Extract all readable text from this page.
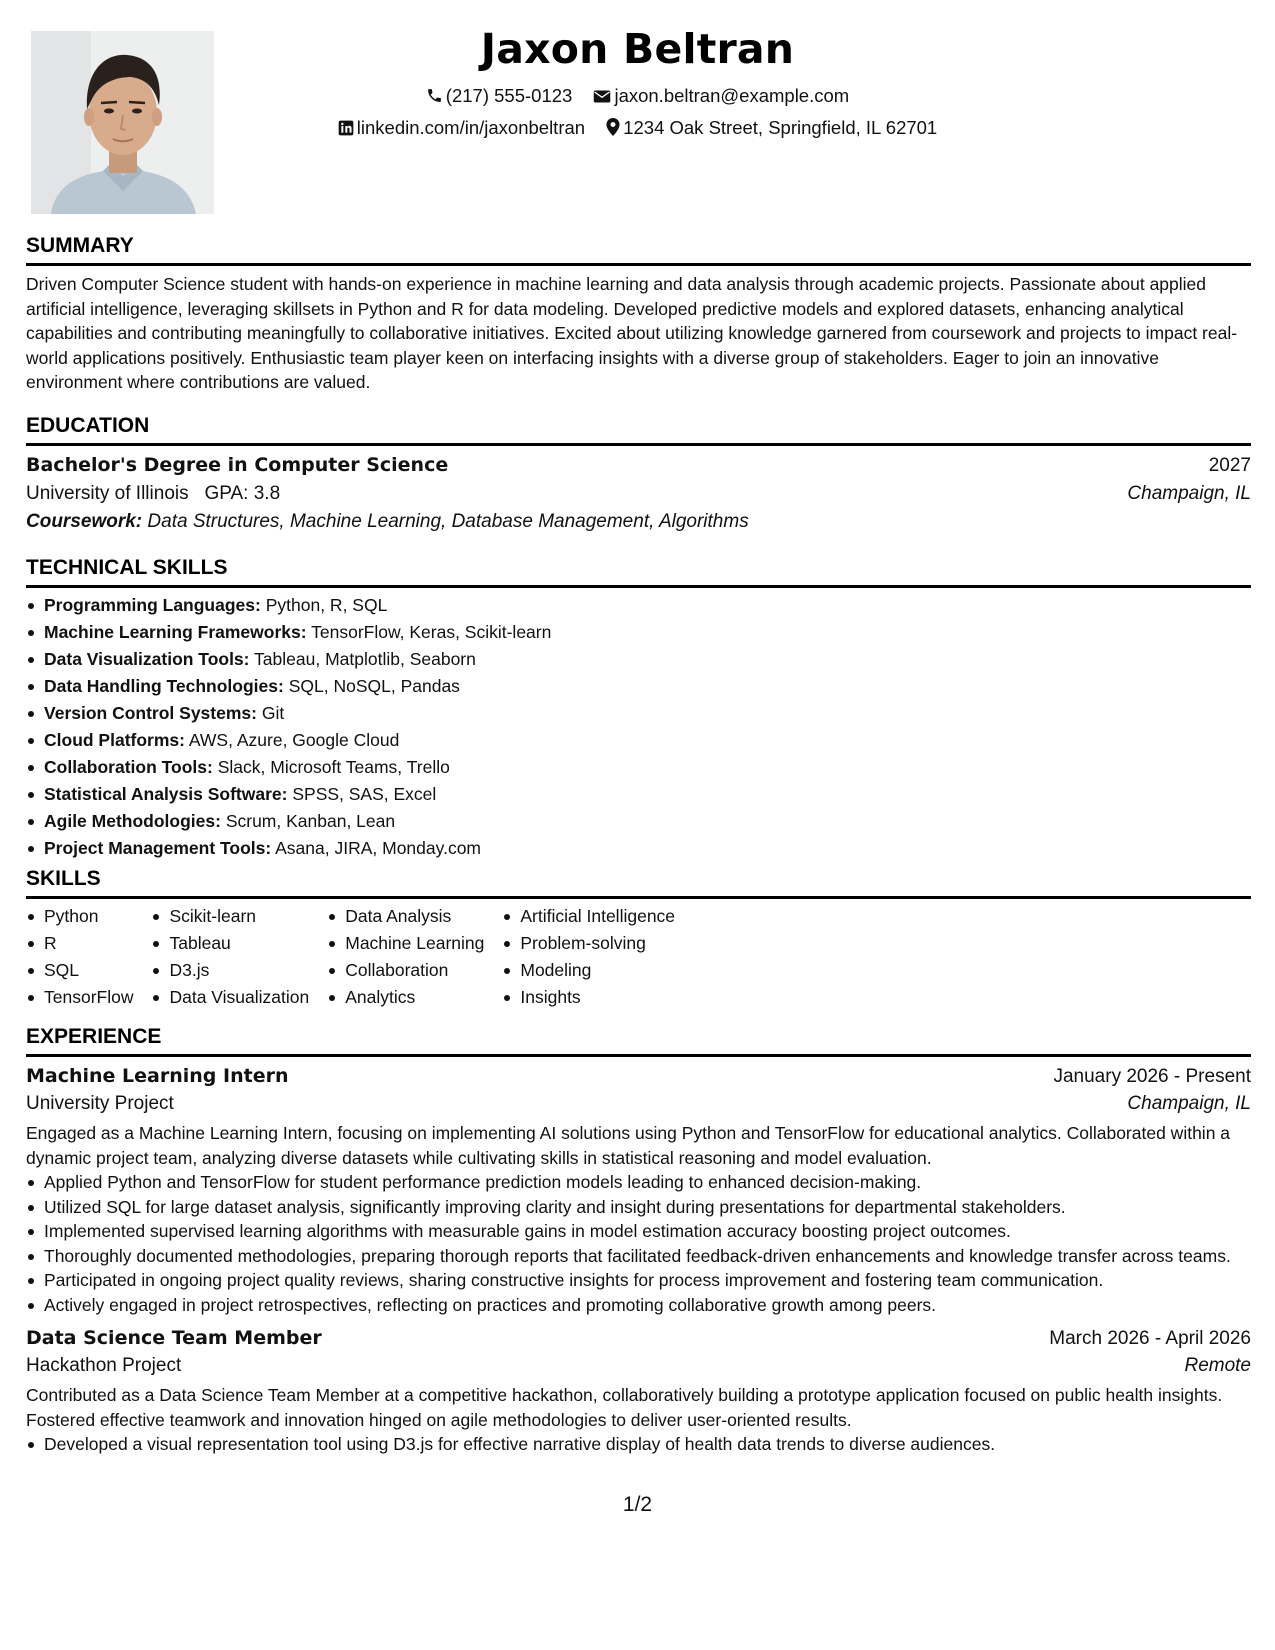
Jaxon Beltran
(217) 555-0123 jaxon.beltran@example.com
linkedin.com/in/jaxonbeltran 1234 Oak Street, Springfield, IL 62701
SUMMARY
Driven Computer Science student with hands-on experience in machine learning and data analysis through academic projects. Passionate about applied artificial intelligence, leveraging skillsets in Python and R for data modeling. Developed predictive models and explored datasets, enhancing analytical capabilities and contributing meaningfully to collaborative initiatives. Excited about utilizing knowledge garnered from coursework and projects to impact real-world applications positively. Enthusiastic team player keen on interfacing insights with a diverse group of stakeholders. Eager to join an innovative environment where contributions are valued.
EDUCATION
Bachelor's Degree in Computer Science	2027
University of Illinois GPA: 3.8	Champaign, IL
Coursework: Data Structures, Machine Learning, Database Management, Algorithms
TECHNICAL SKILLS
Programming Languages: Python, R, SQL
Machine Learning Frameworks: TensorFlow, Keras, Scikit-learn
Data Visualization Tools: Tableau, Matplotlib, Seaborn
Data Handling Technologies: SQL, NoSQL, Pandas
Version Control Systems: Git
Cloud Platforms: AWS, Azure, Google Cloud
Collaboration Tools: Slack, Microsoft Teams, Trello
Statistical Analysis Software: SPSS, SAS, Excel
Agile Methodologies: Scrum, Kanban, Lean
Project Management Tools: Asana, JIRA, Monday.com
SKILLS
Python
R
SQL
TensorFlow
Scikit-learn
Tableau
D3.js
Data Visualization
Data Analysis
Machine Learning
Collaboration
Analytics
Artificial Intelligence
Problem-solving
Modeling
Insights
EXPERIENCE
Machine Learning Intern	January 2026 - Present
University Project	Champaign, IL
Engaged as a Machine Learning Intern, focusing on implementing AI solutions using Python and TensorFlow for educational analytics. Collaborated within a dynamic project team, analyzing diverse datasets while cultivating skills in statistical reasoning and model evaluation.
Applied Python and TensorFlow for student performance prediction models leading to enhanced decision-making.
Utilized SQL for large dataset analysis, significantly improving clarity and insight during presentations for departmental stakeholders.
Implemented supervised learning algorithms with measurable gains in model estimation accuracy boosting project outcomes.
Thoroughly documented methodologies, preparing thorough reports that facilitated feedback-driven enhancements and knowledge transfer across teams.
Participated in ongoing project quality reviews, sharing constructive insights for process improvement and fostering team communication.
Actively engaged in project retrospectives, reflecting on practices and promoting collaborative growth among peers.
Data Science Team Member	March 2026 - April 2026
Hackathon Project	Remote
Contributed as a Data Science Team Member at a competitive hackathon, collaboratively building a prototype application focused on public health insights. Fostered effective teamwork and innovation hinged on agile methodologies to deliver user-oriented results.
Developed a visual representation tool using D3.js for effective narrative display of health data trends to diverse audiences.
1/2
